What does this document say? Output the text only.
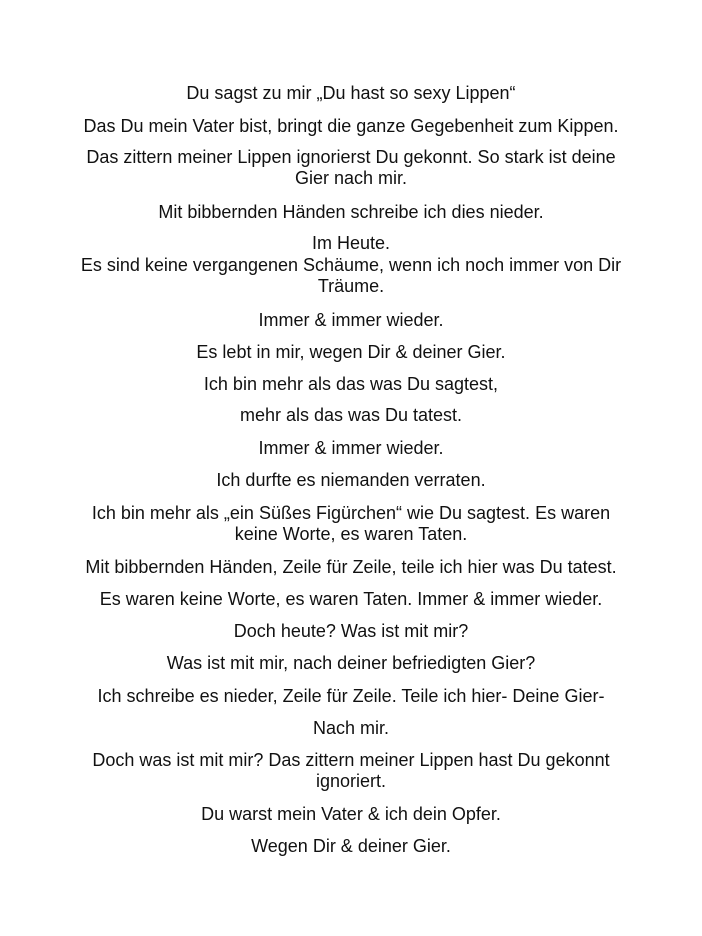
Du sagst zu mir „Du hast so sexy Lippen“
Das Du mein Vater bist, bringt die ganze Gegebenheit zum Kippen.
Das zittern meiner Lippen ignorierst Du gekonnt. So stark ist deine
Gier nach mir.
Mit bibbernden Händen schreibe ich dies nieder.
Im Heute.
Es sind keine vergangenen Schäume, wenn ich noch immer von Dir
Träume.
Immer & immer wieder.
Es lebt in mir, wegen Dir & deiner Gier.
Ich bin mehr als das was Du sagtest,
mehr als das was Du tatest.
Immer & immer wieder.
Ich durfte es niemanden verraten.
Ich bin mehr als „ein Süßes Figürchen“ wie Du sagtest. Es waren
keine Worte, es waren Taten.
Mit bibbernden Händen, Zeile für Zeile, teile ich hier was Du tatest.
Es waren keine Worte, es waren Taten. Immer & immer wieder.
Doch heute? Was ist mit mir?
Was ist mit mir, nach deiner befriedigten Gier?
Ich schreibe es nieder, Zeile für Zeile. Teile ich hier- Deine Gier-
Nach mir.
Doch was ist mit mir? Das zittern meiner Lippen hast Du gekonnt
ignoriert.
Du warst mein Vater & ich dein Opfer.
Wegen Dir & deiner Gier.
